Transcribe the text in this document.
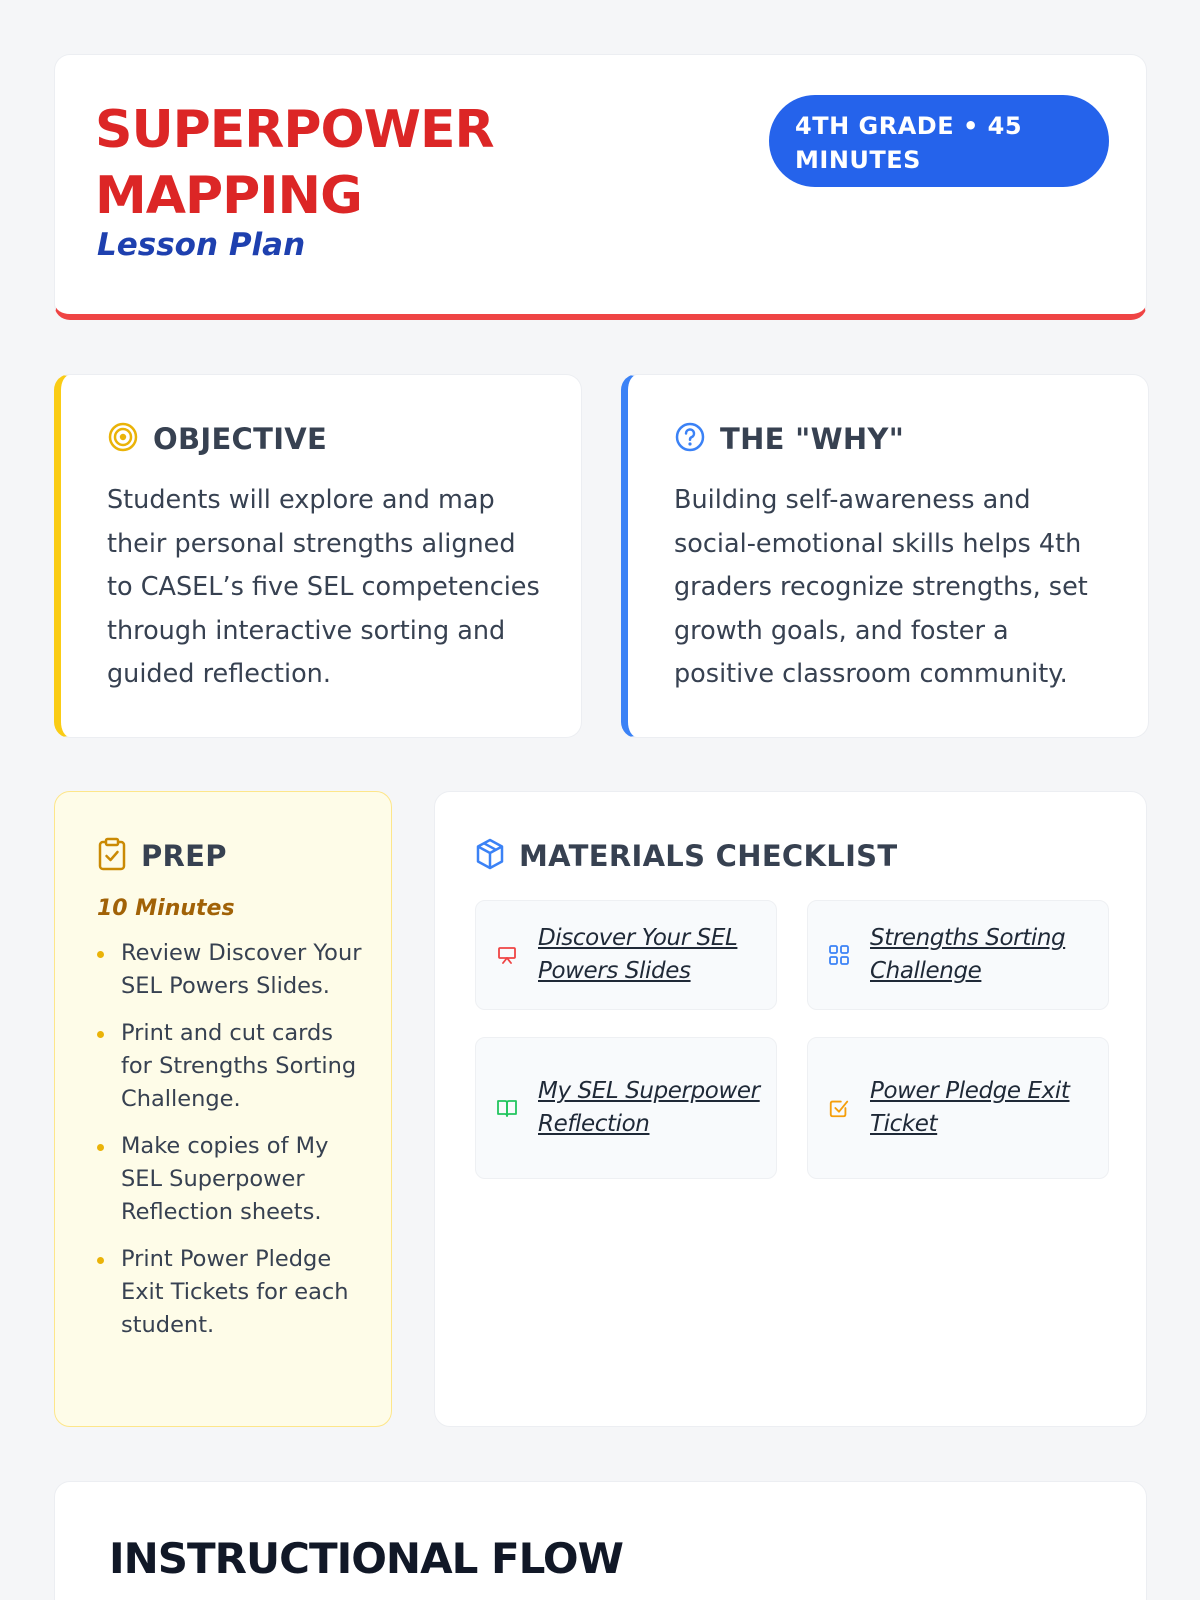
SUPERPOWER
MAPPING
Lesson Plan
4TH GRADE • 45
MINUTES
OBJECTIVE

Students will explore and map their personal strengths aligned to CASEL’s five SEL competencies through interactive sorting and guided reflection.

THE "WHY"

Building self-awareness and social-emotional skills helps 4th graders recognize strengths, set growth goals, and foster a positive classroom community.

PREP
10 Minutes
Review Discover Your SEL Powers Slides.
Print and cut cards for Strengths Sorting Challenge.
Make copies of My SEL Superpower Reflection sheets.
Print Power Pledge Exit Tickets for each student.
MATERIALS CHECKLIST
Discover Your SEL Powers Slides
Strengths Sorting Challenge
My SEL Superpower Reflection
Power Pledge Exit Ticket
INSTRUCTIONAL FLOW
